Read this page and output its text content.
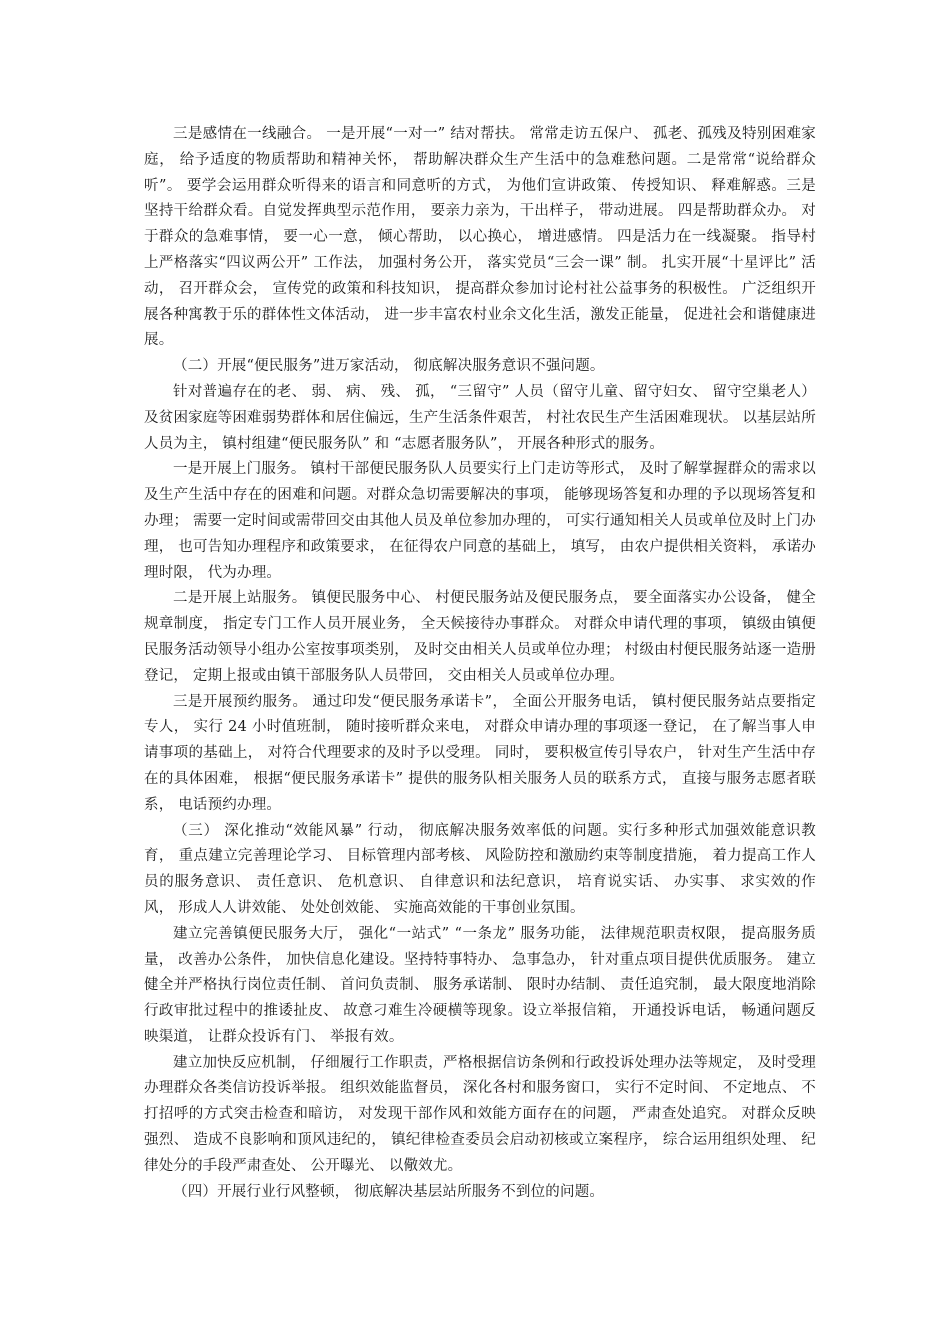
三是感情在一线融合。 一是开展“一对一” 结对帮扶。 常常走访五保户、 孤老、孤残及特别困难家庭， 给予适度的物质帮助和精神关怀， 帮助解决群众生产生活中的急难愁问题。二是常常“说给群众听”。 要学会运用群众听得来的语言和同意听的方式， 为他们宣讲政策、 传授知识、 释难解惑。三是坚持干给群众看。自觉发挥典型示范作用， 要亲力亲为，干出样子， 带动进展。 四是帮助群众办。 对于群众的急难事情， 要一心一意， 倾心帮助， 以心换心， 增进感情。 四是活力在一线凝聚。 指导村上严格落实“四议两公开” 工作法， 加强村务公开， 落实党员“三会一课” 制。 扎实开展“十星评比” 活动， 召开群众会， 宣传党的政策和科技知识， 提高群众参加讨论村社公益事务的积极性。 广泛组织开展各种寓教于乐的群体性文体活动， 进一步丰富农村业余文化生活，激发正能量， 促进社会和谐健康进展。

（二）开展“便民服务”进万家活动， 彻底解决服务意识不强问题。

针对普遍存在的老、 弱、 病、 残、 孤， “三留守” 人员（留守儿童、留守妇女、 留守空巢老人） 及贫困家庭等困难弱势群体和居住偏远，生产生活条件艰苦， 村社农民生产生活困难现状。 以基层站所人员为主， 镇村组建“便民服务队” 和 “志愿者服务队”， 开展各种形式的服务。

一是开展上门服务。 镇村干部便民服务队人员要实行上门走访等形式， 及时了解掌握群众的需求以及生产生活中存在的困难和问题。对群众急切需要解决的事项， 能够现场答复和办理的予以现场答复和办理； 需要一定时间或需带回交由其他人员及单位参加办理的， 可实行通知相关人员或单位及时上门办理， 也可告知办理程序和政策要求， 在征得农户同意的基础上， 填写， 由农户提供相关资料， 承诺办理时限， 代为办理。

二是开展上站服务。 镇便民服务中心、 村便民服务站及便民服务点， 要全面落实办公设备， 健全规章制度， 指定专门工作人员开展业务， 全天候接待办事群众。 对群众申请代理的事项， 镇级由镇便民服务活动领导小组办公室按事项类别， 及时交由相关人员或单位办理； 村级由村便民服务站逐一造册登记， 定期上报或由镇干部服务队人员带回， 交由相关人员或单位办理。

三是开展预约服务。 通过印发“便民服务承诺卡”， 全面公开服务电话， 镇村便民服务站点要指定专人， 实行 24 小时值班制， 随时接听群众来电， 对群众申请办理的事项逐一登记， 在了解当事人申请事项的基础上， 对符合代理要求的及时予以受理。 同时， 要积极宣传引导农户， 针对生产生活中存在的具体困难， 根据“便民服务承诺卡” 提供的服务队相关服务人员的联系方式， 直接与服务志愿者联系， 电话预约办理。

（三） 深化推动“效能风暴” 行动， 彻底解决服务效率低的问题。实行多种形式加强效能意识教育， 重点建立完善理论学习、 目标管理内部考核、 风险防控和激励约束等制度措施， 着力提高工作人员的服务意识、 责任意识、 危机意识、 自律意识和法纪意识， 培育说实话、 办实事、 求实效的作风， 形成人人讲效能、 处处创效能、 实施高效能的干事创业氛围。

建立完善镇便民服务大厅， 强化“一站式” “一条龙” 服务功能， 法律规范职责权限， 提高服务质量， 改善办公条件， 加快信息化建设。坚持特事特办、 急事急办， 针对重点项目提供优质服务。 建立健全并严格执行岗位责任制、 首问负责制、 服务承诺制、 限时办结制、 责任追究制， 最大限度地消除行政审批过程中的推诿扯皮、 故意刁难生冷硬横等现象。设立举报信箱， 开通投诉电话， 畅通问题反映渠道， 让群众投诉有门、 举报有效。

建立加快反应机制， 仔细履行工作职责，严格根据信访条例和行政投诉处理办法等规定， 及时受理办理群众各类信访投诉举报。 组织效能监督员， 深化各村和服务窗口， 实行不定时间、 不定地点、 不打招呼的方式突击检查和暗访， 对发现干部作风和效能方面存在的问题， 严肃查处追究。 对群众反映强烈、 造成不良影响和顶风违纪的， 镇纪律检查委员会启动初核或立案程序， 综合运用组织处理、 纪律处分的手段严肃查处、 公开曝光、 以儆效尤。

（四）开展行业行风整顿， 彻底解决基层站所服务不到位的问题。
